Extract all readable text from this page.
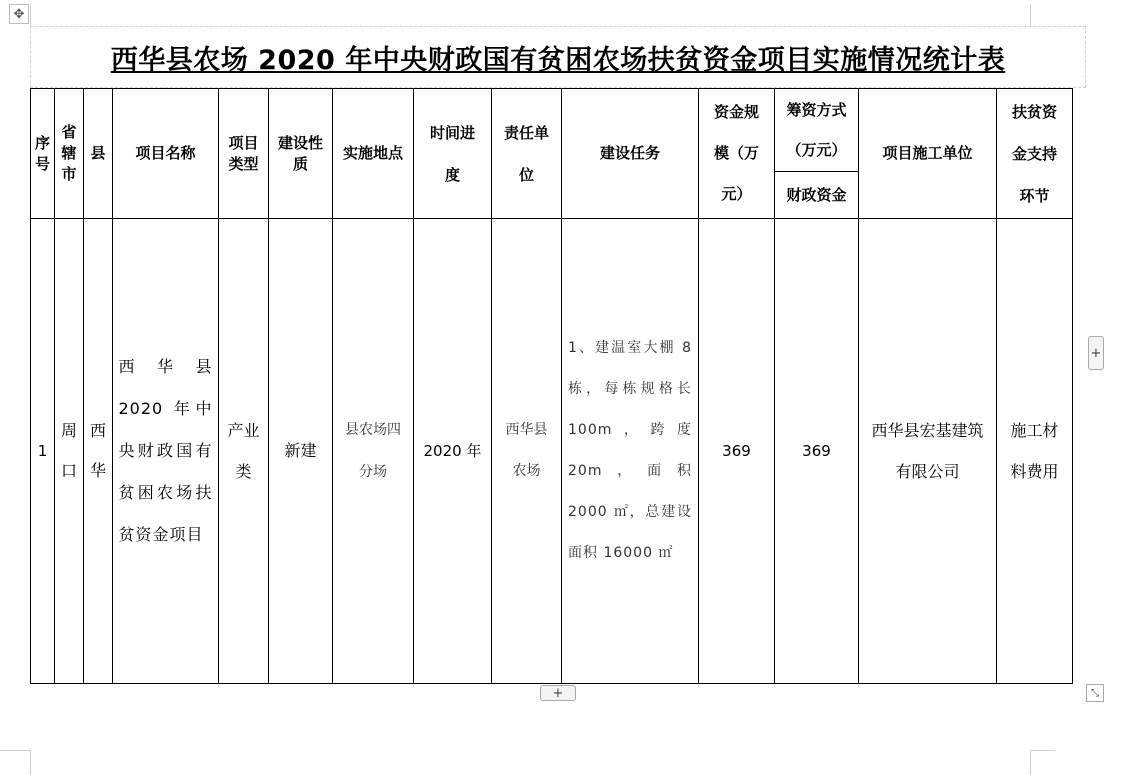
✥
西华县农场 2020 年中央财政国有贫困农场扶贫资金项目实施情况统计表
序号	省辖市	县	项目名称	项目类型	建设性质	实施地点	时间进度	责任单位	建设任务	资金规模（万元）	筹资方式（万元）	项目施工单位	扶贫资金支持环节

											财政资金		
1	周口	西华	西华县 2020 年中央财政国有贫困农场扶贫资金项目	产业类	新建	县农场四分场	2020 年	西华县农场	1、建温室大棚 8 栋，每栋规格长 100m，跨度 20m，面积 2000 ㎡，总建设面积 16000 ㎡	369	369	西华县宏基建筑有限公司	施工材料费用
+
+	⤡
